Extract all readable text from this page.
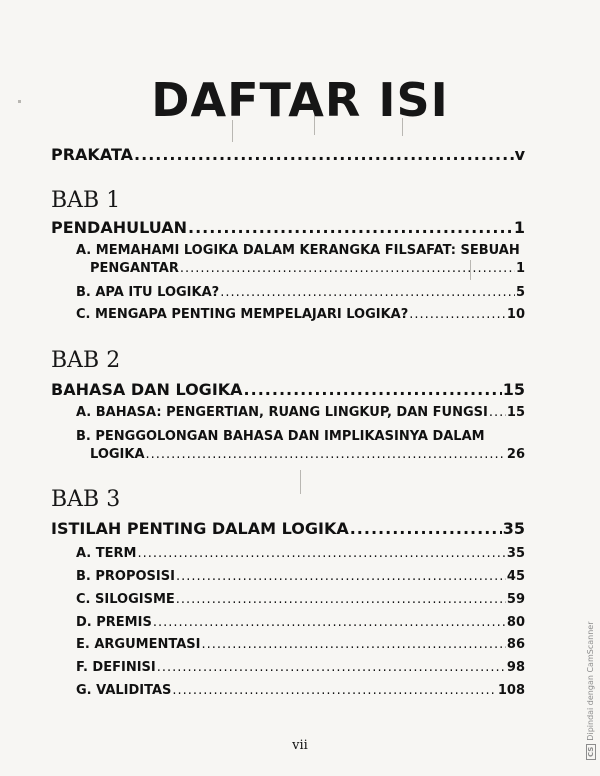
DAFTAR ISI
PRAKATA .....	v
BAB 1
PENDAHULUAN .....	1
A. MEMAHAMI LOGIKA DALAM KERANGKA FILSAFAT: SEBUAH
PENGANTAR .....	1
B. APA ITU LOGIKA? .....	5
C. MENGAPA PENTING MEMPELAJARI LOGIKA? .....	10
BAB 2
BAHASA DAN LOGIKA .....	15
A. BAHASA: PENGERTIAN, RUANG LINGKUP, DAN FUNGSI ..... 15
B. PENGGOLONGAN BAHASA DAN IMPLIKASINYA DALAM
LOGIKA .....	26
BAB 3
ISTILAH PENTING DALAM LOGIKA .....	35
A. TERM .....	35
B. PROPOSISI .....	45
C. SILOGISME .....	59
D. PREMIS .....	80
E. ARGUMENTASI .....	86
F. DEFINISI .....	98
G. VALIDITAS .....	108
vii	CSDipindai dengan CamScanner
